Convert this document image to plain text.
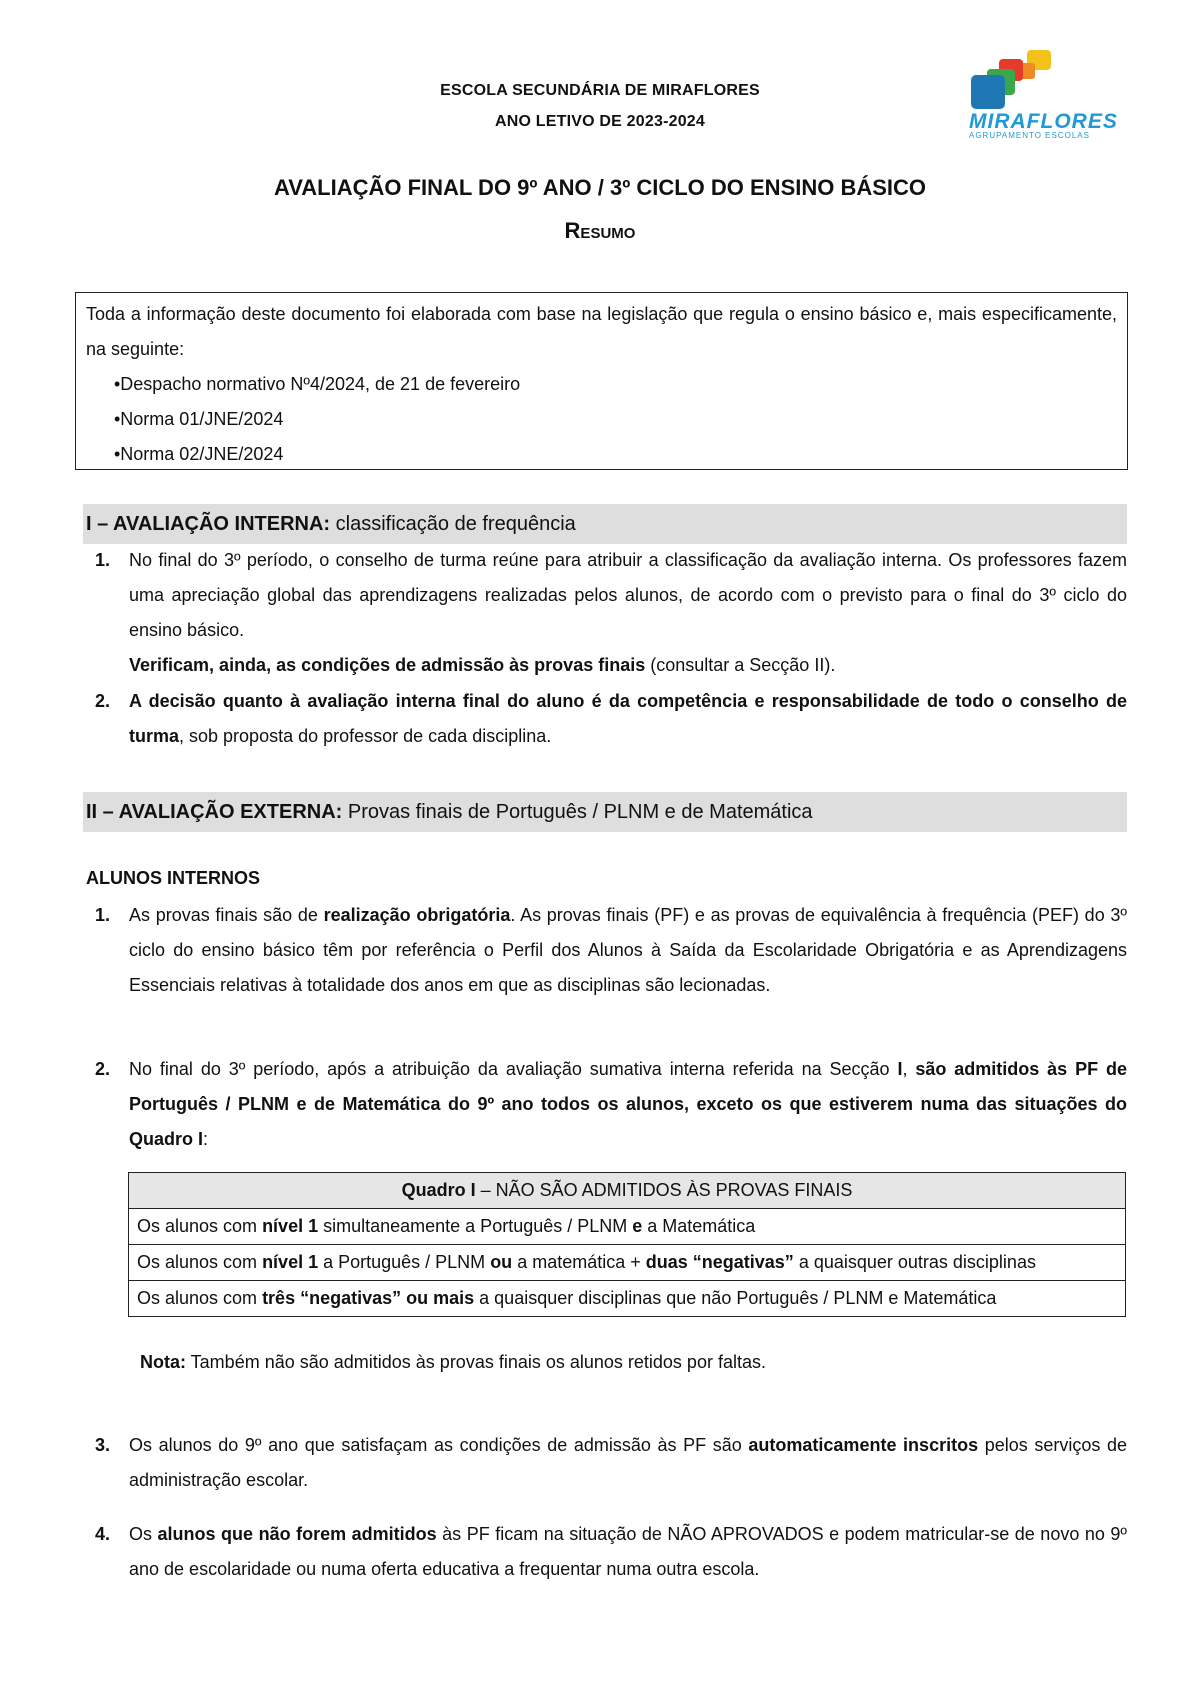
ESCOLA SECUNDÁRIA DE MIRAFLORES
ANO LETIVO DE 2023-2024	MIRAFLORES
AGRUPAMENTO ESCOLAS
AVALIAÇÃO FINAL DO 9º ANO / 3º CICLO DO ENSINO BÁSICO
Resumo
Toda a informação deste documento foi elaborada com base na legislação que regula o ensino básico e, mais especificamente, na seguinte:
•Despacho normativo Nº4/2024, de 21 de fevereiro
•Norma 01/JNE/2024
•Norma 02/JNE/2024
I – AVALIAÇÃO INTERNA: classificação de frequência
1. No final do 3º período, o conselho de turma reúne para atribuir a classificação da avaliação interna. Os professores fazem uma apreciação global das aprendizagens realizadas pelos alunos, de acordo com o previsto para o final do 3º ciclo do ensino básico.
Verificam, ainda, as condições de admissão às provas finais (consultar a Secção II).
2. A decisão quanto à avaliação interna final do aluno é da competência e responsabilidade de todo o conselho de turma, sob proposta do professor de cada disciplina.
II – AVALIAÇÃO EXTERNA: Provas finais de Português / PLNM e de Matemática
ALUNOS INTERNOS
1. As provas finais são de realização obrigatória. As provas finais (PF) e as provas de equivalência à frequência (PEF) do 3º ciclo do ensino básico têm por referência o Perfil dos Alunos à Saída da Escolaridade Obrigatória e as Aprendizagens Essenciais relativas à totalidade dos anos em que as disciplinas são lecionadas.
2. No final do 3º período, após a atribuição da avaliação sumativa interna referida na Secção I, são admitidos às PF de Português / PLNM e de Matemática do 9º ano todos os alunos, exceto os que estiverem numa das situações do Quadro I:
Quadro I – NÃO SÃO ADMITIDOS ÀS PROVAS FINAIS
Os alunos com nível 1 simultaneamente a Português / PLNM e a Matemática
Os alunos com nível 1 a Português / PLNM ou a matemática + duas “negativas” a quaisquer outras disciplinas
Os alunos com três “negativas” ou mais a quaisquer disciplinas que não Português / PLNM e Matemática
Nota: Também não são admitidos às provas finais os alunos retidos por faltas.
3. Os alunos do 9º ano que satisfaçam as condições de admissão às PF são automaticamente inscritos pelos serviços de administração escolar.
4. Os alunos que não forem admitidos às PF ficam na situação de NÃO APROVADOS e podem matricular-se de novo no 9º ano de escolaridade ou numa oferta educativa a frequentar numa outra escola.
